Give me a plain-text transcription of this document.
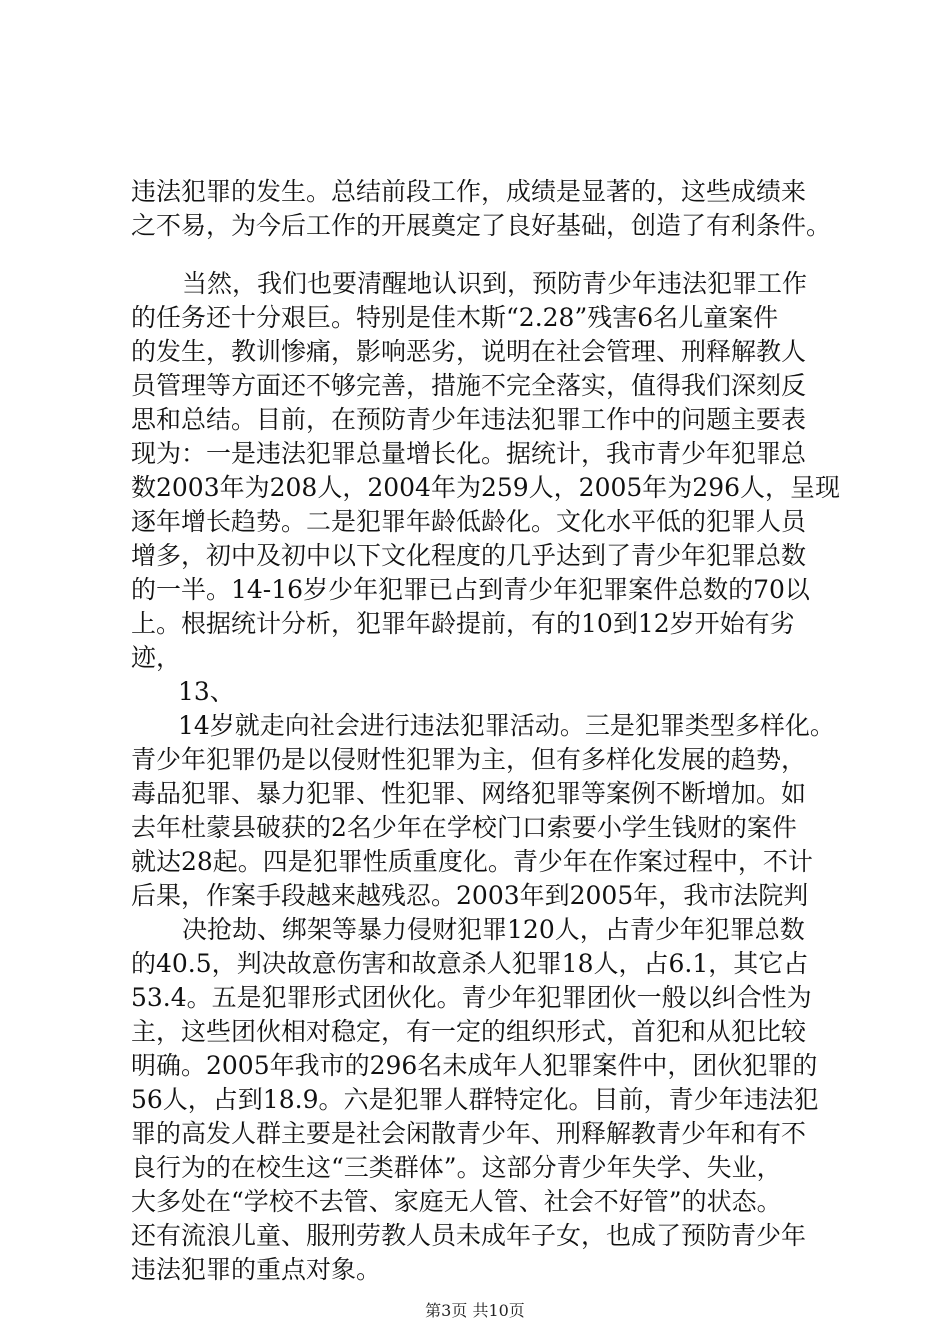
违法犯罪的发生。总结前段工作，成绩是显著的，这些成绩来
之不易，为今后工作的开展奠定了良好基础，创造了有利条件。
当然，我们也要清醒地认识到，预防青少年违法犯罪工作
的任务还十分艰巨。特别是佳木斯“2.28”残害6名儿童案件
的发生，教训惨痛，影响恶劣，说明在社会管理、刑释解教人
员管理等方面还不够完善，措施不完全落实，值得我们深刻反
思和总结。目前，在预防青少年违法犯罪工作中的问题主要表
现为：一是违法犯罪总量增长化。据统计，我市青少年犯罪总
数2003年为208人，2004年为259人，2005年为296人，呈现
逐年增长趋势。二是犯罪年龄低龄化。文化水平低的犯罪人员
增多，初中及初中以下文化程度的几乎达到了青少年犯罪总数
的一半。14-16岁少年犯罪已占到青少年犯罪案件总数的70以
上。根据统计分析，犯罪年龄提前，有的10到12岁开始有劣
迹，
13、
14岁就走向社会进行违法犯罪活动。三是犯罪类型多样化。
青少年犯罪仍是以侵财性犯罪为主，但有多样化发展的趋势，
毒品犯罪、暴力犯罪、性犯罪、网络犯罪等案例不断增加。如
去年杜蒙县破获的2名少年在学校门口索要小学生钱财的案件
就达28起。四是犯罪性质重度化。青少年在作案过程中，不计
后果，作案手段越来越残忍。2003年到2005年，我市法院判
决抢劫、绑架等暴力侵财犯罪120人，占青少年犯罪总数
的40.5，判决故意伤害和故意杀人犯罪18人，占6.1，其它占
53.4。五是犯罪形式团伙化。青少年犯罪团伙一般以纠合性为
主，这些团伙相对稳定，有一定的组织形式，首犯和从犯比较
明确。2005年我市的296名未成年人犯罪案件中，团伙犯罪的
56人，占到18.9。六是犯罪人群特定化。目前，青少年违法犯
罪的高发人群主要是社会闲散青少年、刑释解教青少年和有不
良行为的在校生这“三类群体”。这部分青少年失学、失业，
大多处在“学校不去管、家庭无人管、社会不好管”的状态。
还有流浪儿童、服刑劳教人员未成年子女，也成了预防青少年
违法犯罪的重点对象。
第3页 共10页
